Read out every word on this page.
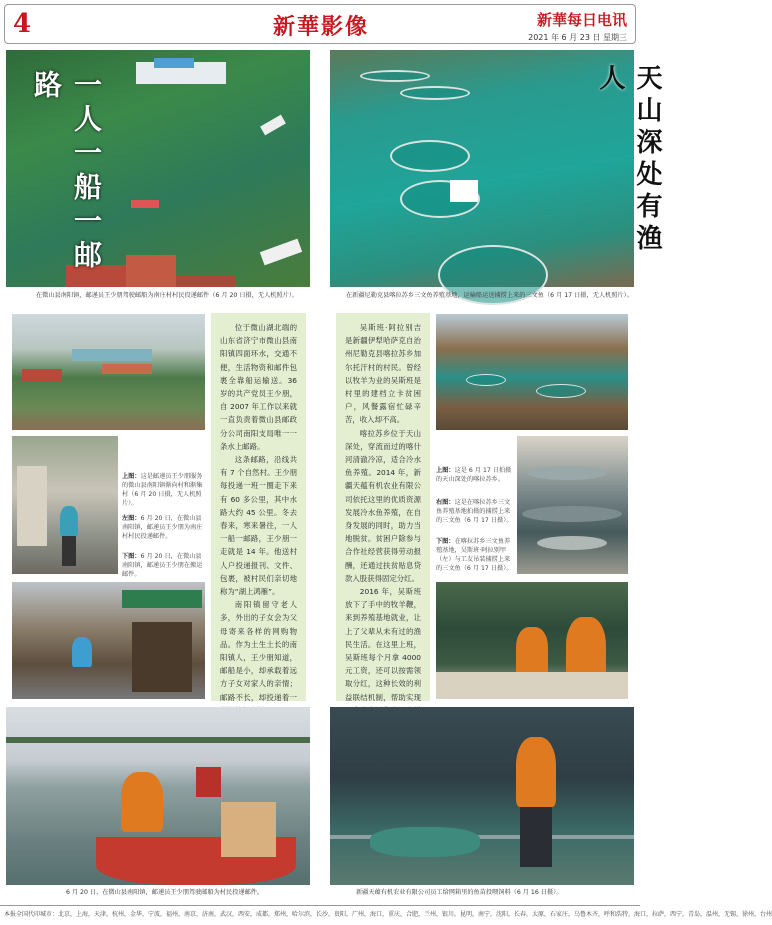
4	新華影像	新華每日电讯
2021 年 6 月 23 日 星期三
一人一船一邮路
在微山县南阳镇，邮递员王少朋驾驶邮船为南庄村村民投递邮件（6 月 20 日摄，无人机照片）。
上图：这是邮递员王少朋服务的微山县南阳镇渐向村和渐集村（6 月 20 日摄，无人机照片）。
左图：6 月 20 日，在微山县南阳镇，邮递员王少朋为南庄村村民投递邮件。
下图：6 月 20 日，在微山县南阳镇，邮递员王少朋在搬运邮件。

位于微山湖北端的山东省济宁市微山县南阳镇四面环水，交通不便，生活物资和邮件包裹全靠船运输送。36 岁的共产党员王少朋，自 2007 年工作以来就一直负责着微山县邮政分公司南阳支局唯一一条水上邮路。

这条邮路，沿线共有 7 个自然村。王少朋每投递一班一圈走下来有 60 多公里，其中水路大约 45 公里。冬去春来，寒来暑往，一人一船一邮路，王少朋一走就是 14 年。他送村人户投递报刊、文件、包裹，被村民们亲切地称为“湖上鸿雁”。

南阳镇留守老人多，外出的子女会为父母寄来各样的网购物品。作为土生土长的南阳镇人，王少朋知道，邮船是小，却承载着远方子女对家人的亲情；邮路不长，却投递着一

6 月 20 日，在微山县南阳镇，邮递员王少朋驾驶邮船为村民投递邮件。
天山深处有渔人
在新疆尼勒克县喀拉苏乡三文鱼养殖基地，运输船运送捕捞上来的三文鱼（6 月 17 日摄，无人机照片）。

吴斯班·阿拉别吉是新疆伊犁哈萨克自治州尼勒克县喀拉苏乡加尔托汗村的村民。曾经以牧羊为业的吴斯班是村里的建档立卡贫困户，风餐露宿忙碌辛苦，收入却不高。

喀拉苏乡位于天山深处，穿流而过的喀什河清澈冷凉，适合冷水鱼养殖。2014 年，新疆天蕴有机农业有限公司依托这里的优质资源发展冷水鱼养殖，在自身发展的同时，助力当地脱贫。贫困户除参与合作社经营获得劳动报酬，还通过扶贫贴息贷款入股获得固定分红。

2016 年，吴斯班放下了手中的牧羊鞭，来到养殖基地就业，让上了父辈从未有过的渔民生活。在这里上班，吴斯班每个月拿 4000 元工资，还可以按需领取分红，这种长效的利益联结机制，帮助实现

上图：这是 6 月 17 日拍摄的天山深处的喀拉苏乡。
右图：这是在喀拉苏乡三文鱼养殖基地拍摄的捕捞上来的三文鱼（6 月 17 日摄）。
下图：在喀拉苏乡三文鱼养殖基地，吴斯班·阿拉别甲（左）与工友吊装捕捞上来的三文鱼（6 月 17 日摄）。
新疆天蕴有机农业有限公司员工给网箱里的鱼苗投喂饲料（6 月 16 日摄）。
本报全国代印城市：北京，上海，天津，杭州，金华，宁波，福州，南京，济南，武汉，西安，成都，郑州，哈尔滨，长沙，贵阳，广州，海口，重庆，合肥，兰州，银川，昆明，南宁，沈阳，长春，太原，石家庄，乌鲁木齐，呼和浩特，海口，拉萨，西宁，青岛，温州，无锡，徐州，台州
